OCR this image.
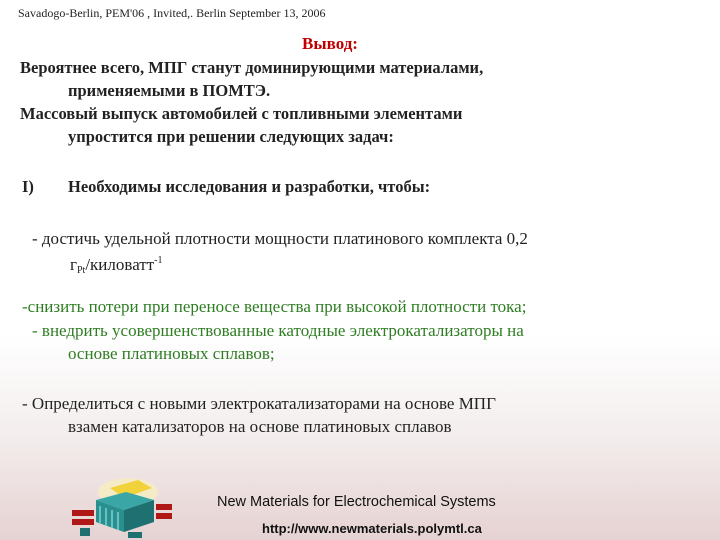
Savadogo-Berlin, PEM'06 , Invited,. Berlin September 13, 2006
Вывод:
Вероятнее всего, МПГ станут доминирующими материалами,
применяемыми в ПОМТЭ.
Массовый выпуск автомобилей с топливными элементами
упростится при решении следующих задач:
I) Необходимы исследования и разработки, чтобы:
- достичь удельной плотности мощности платинового комплекта 0,2
$г_{Pt}/киловатт^{-1}$
-снизить потери при переносе вещества при высокой плотности тока;
- внедрить усовершенствованные катодные электрокатализаторы на
основе платиновых сплавов;
- Определиться с новыми электрокатализаторами на основе МПГ
взамен катализаторов на основе платиновых сплавов
New Materials for Electrochemical Systems
http://www.newmaterials.polymtl.ca
